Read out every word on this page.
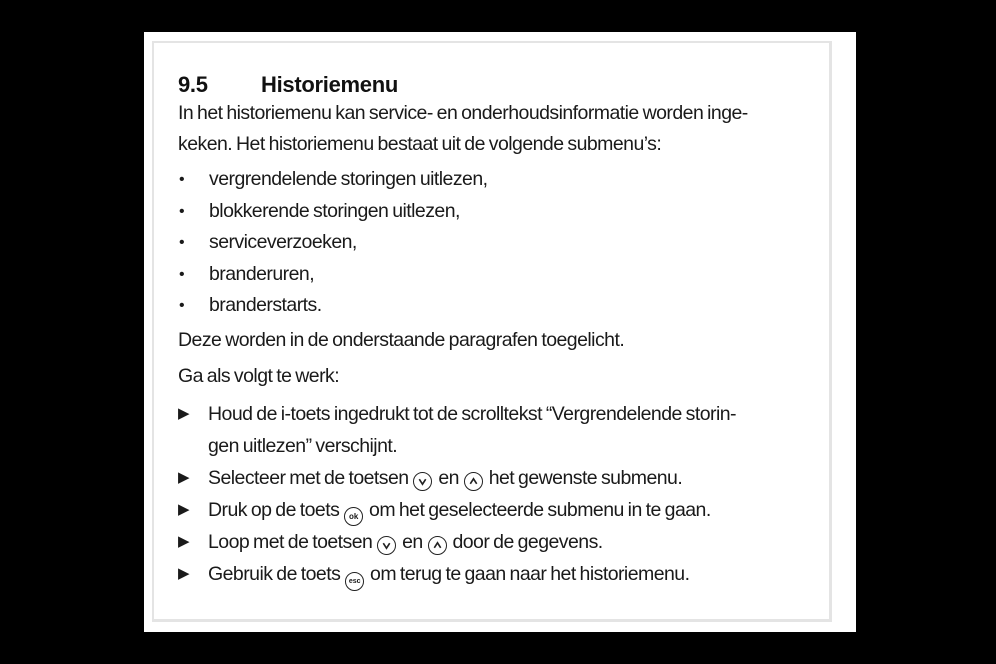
9.5	Historiemenu
In het historiemenu kan service- en onderhoudsinformatie worden inge-
keken. Het historiemenu bestaat uit de volgende submenu’s:
•	vergrendelende storingen uitlezen,
•	blokkerende storingen uitlezen,
•	serviceverzoeken,
•	branderuren,
•	branderstarts.

Deze worden in de onderstaande paragrafen toegelicht.

Ga als volgt te werk:

▶ Houd de i-toets ingedrukt tot de scrolltekst “Vergrendelende storin-
gen uitlezen” verschijnt.
▶ Selecteer met de toetsen en het gewenste submenu.
▶ Druk op de toets ok om het geselecteerde submenu in te gaan.
▶ Loop met de toetsen en door de gegevens.
▶ Gebruik de toets esc om terug te gaan naar het historiemenu.
